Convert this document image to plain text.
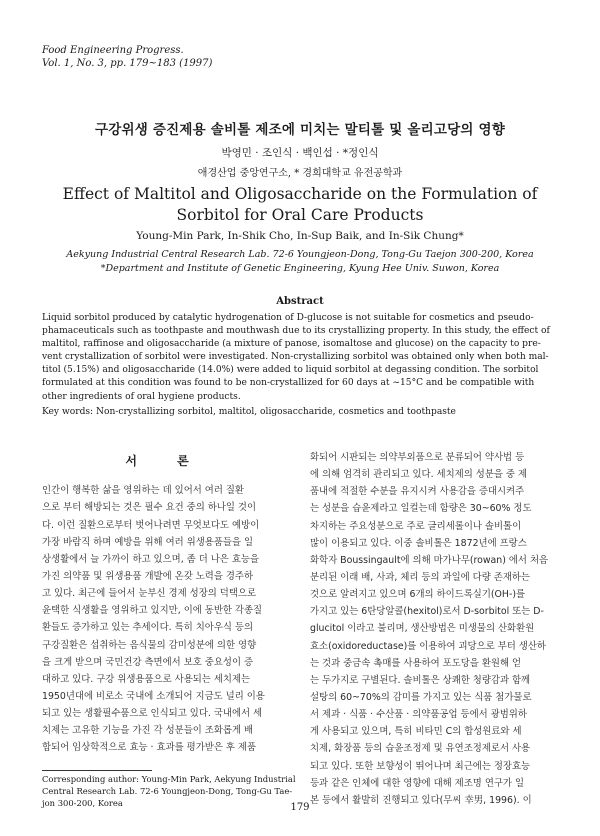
Food Engineering Progress.
Vol. 1, No. 3, pp. 179~183 (1997)
구강위생 증진제용 솔비톨 제조에 미치는 말티톨 및 올리고당의 영향
박영민 · 조인식 · 백인섭 · *정인식
애경산업 중앙연구소, * 경희대학교 유전공학과
Effect of Maltitol and Oligosaccharide on the Formulation of
Sorbitol for Oral Care Products
Young-Min Park, In-Shik Cho, In-Sup Baik, and In-Sik Chung*
Aekyung Industrial Central Research Lab. 72-6 Youngjeon-Dong, Tong-Gu Taejon 300-200, Korea
*Department and Institute of Genetic Engineering, Kyung Hee Univ. Suwon, Korea
Abstract
Liquid sorbitol produced by catalytic hydrogenation of D-glucose is not suitable for cosmetics and pseudo-
phamaceuticals such as toothpaste and mouthwash due to its crystallizing property. In this study, the effect of
maltitol, raffinose and oligosaccharide (a mixture of panose, isomaltose and glucose) on the capacity to pre-
vent crystallization of sorbitol were investigated. Non-crystallizing sorbitol was obtained only when both mal-
titol (5.15%) and oligosaccharide (14.0%) were added to liquid sorbitol at degassing condition. The sorbitol
formulated at this condition was found to be non-crystallized for 60 days at ~15°C and be compatible with
other ingredients of oral hygiene products.
Key words: Non-crystallizing sorbitol, maltitol, oligosaccharide, cosmetics and toothpaste
서 론
인간이 행복한 삶을 영위하는 데 있어서 여러 질환
으로 부터 해방되는 것은 필수 요건 중의 하나일 것이
다. 이런 질환으로부터 벗어나려면 무엇보다도 예방이
가장 바람직 하며 예방을 위해 여러 위생용품들을 일
상생활에서 늘 가까이 하고 있으며, 좀 더 나은 효능을
가진 의약품 및 위생용품 개발에 온갖 노력을 경주하
고 있다. 최근에 들어서 눈부신 경제 성장의 덕택으로
윤택한 식생활을 영위하고 있지만, 이에 동반한 각종질
환들도 증가하고 있는 추세이다. 특히 치아우식 등의
구강질환은 섭취하는 음식물의 감미성분에 의한 영향
을 크게 받으며 국민건강 측면에서 보호 중요성이 증
대하고 있다. 구강 위생용품으로 사용되는 세치제는
1950년대에 비로소 국내에 소개되어 지금도 널리 이용
되고 있는 생활필수품으로 인식되고 있다. 국내에서 세
치제는 고유한 기능을 가진 각 성분들이 조화롭게 배
합되어 임상학적으로 효능 · 효과를 평가받은 후 제품
화되어 시판되는 의약부외품으로 분류되어 약사법 등
에 의해 엄격히 관리되고 있다. 세치제의 성분을 중 제
품내에 적절한 수분을 유지시켜 사용감을 증대시켜주
는 성분을 습윤제라고 일컬는데 함량은 30~60% 정도
차지하는 주요성분으로 주로 글리세롤이나 솔비톨이
많이 이용되고 있다. 이중 솔비톨은 1872년에 프랑스
화학자 Boussingault에 의해 마가나무(rowan) 에서 처음
분리된 이래 배, 사과, 체리 등의 과일에 다량 존재하는
것으로 알려지고 있으며 6개의 하이드록실기(OH-)를
가지고 있는 6탄당알콜(hexitol)로서 D-sorbitol 또는 D-
glucitol 이라고 불리며, 생산방법은 미생물의 산화환원
효소(oxidoreductase)를 이용하여 괴당으로 부터 생산하
는 것과 중금속 촉매를 사용하여 포도당을 환원해 얻
는 두가지로 구별된다. 솔비톨은 상쾌한 청량감과 함께
설탕의 60~70%의 감미를 가지고 있는 식품 첨가물로
서 제과 · 식품 · 수산품 · 의약품공업 등에서 광범위하
게 사용되고 있으며, 특히 비타민 C의 합성원료와 세
치제, 화장품 등의 습윤조정제 및 유연조정제로서 사용
되고 있다. 또한 보향성이 뛰어나며 최근에는 정장효능
등과 같은 인체에 대한 영향에 대해 제조명 연구가 일
본 등에서 활발히 진행되고 있다(무씨 幸男, 1996). 이
Corresponding author: Young-Min Park, Aekyung Industrial
Central Research Lab. 72-6 Youngjeon-Dong, Tong-Gu Tae-
jon 300-200, Korea	179
